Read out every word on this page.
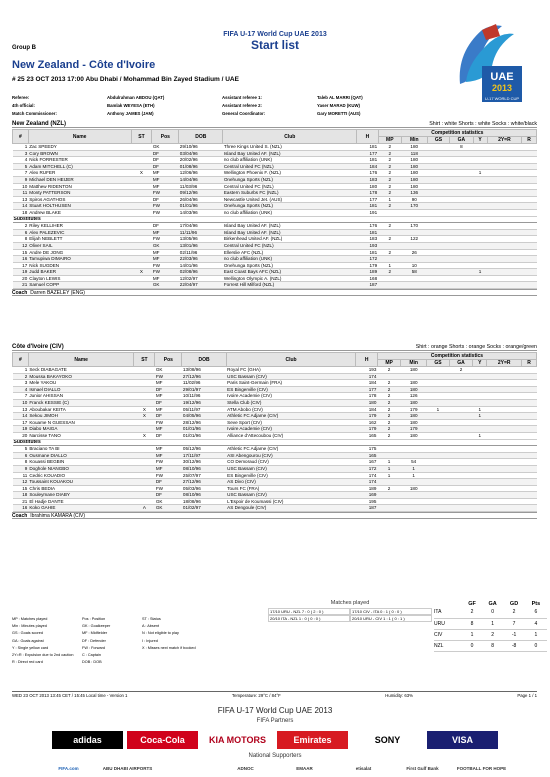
FIFA U-17 World Cup UAE 2013
Start list
Group B
New Zealand - Côte d'Ivoire
# 25 23 OCT 2013 17:00 Abu Dhabi / Mohammad Bin Zayed Stadium / UAE	UAE
2013
U-17 WORLD CUP
Referee:	Abdulrahman ABDOU (QAT)	Assistant referee 1:	Taleb AL MARRI (QAT)
4th official:	Bamlak WEYESA (ETH)	Assistant referee 2:	Yaser MARAD (KUW)
Match Commissioner:	Anthony JAMES (JAM)	General Coordinator:	Gary MORETTI (AUS)
New Zealand (NZL)	Shirt : white Shorts : white Socks : white/black
#	Name	ST	Pos	DOB	Club	H	Competition statistics						
							MP	Min	GS	GA	Y	2Y=R	R
1	Zac SPEEDY		GK	29/10/96	Three Kings United S. (NZL)	181	2	180		8			
3	Cory BROWN		DF	03/04/96	Island Bay United AF. (NZL)	177	2	118					
4	Nick FORRESTER		DF	20/02/96	no club affiliation (UNK)	181	2	180					
5	Adam MITCHELL (C)		DF	01/08/96	Central United FC (NZL)	184	2	180					
7	Alex RUFER	X	MF	12/06/96	Wellington Phoenix F. (NZL)	176	2	180			1		
9	Michael DEN HEIJER		MF	14/04/96	Onehunga Sports (NZL)	183	2	180					
10	Matthew RIDENTON		MF	11/03/96	Central United FC (NZL)	180	2	180					
11	Monty PATTERSON		FW	09/12/96	Eastern Suburbs FC (NZL)	178	2	136					
13	Spiros AGATHOS		DF	26/04/96	Newcastle United Jet. (AUS)	177	1	90					
14	Stuart HOLTHUSEN		FW	01/01/96	Onehunga Sports (NZL)	181	2	170					
18	Andrew BLAKE		FW	14/03/96	no club affiliation (UNK)	191							
Substitutes													
2	Riley KELLIHER		DF	17/04/96	Island Bay United AF. (NZL)	176	2	170					
6	Alex PALEZEVIC		MF	11/11/96	Island Bay United AF. (NZL)	181							
8	Elijah NEBLETT		FW	13/05/96	Birkenhead United AF. (NZL)	183	2	122					
12	Oliver SAIL		GK	13/01/96	Central United FC (NZL)	193							
15	Andre DE JONG		MF	02/11/96	Ellerslie AFC (NZL)	181	2	26					
16	Tamupiwa DIMAIRO		MF	22/03/96	no club affiliation (UNK)	172							
17	Nick SUGDEN		FW	14/01/96	Onehunga Sports (NZL)	179	1	10					
19	Judd BAKER	X	FW	02/08/96	East Coast Bays AFC (NZL)	189	2	58			1		
20	Clayton LEWIS		MF	12/02/97	Wellington Olympic A. (NZL)	168							
21	Samuel COPP		GK	22/04/97	Forrest Hill Milford (NZL)	187							
Coach Darren BAZELEY (ENG)
Côte d'Ivoire (CIV)	Shirt : orange Shorts : orange Socks : orange/green
#	Name	ST	Pos	DOB	Club	H	Competition statistics						
							MP	Min	GS	GA	Y	2Y=R	R
1	Seck DIABAGATE		GK	13/08/96	Royal FC (GHA)	193	2	180		2			
2	Moussa BAKAYOKO		FW	27/12/96	USC Bassam (CIV)	174							
3	Mele YAKOU		MF	11/02/96	Paris Saint-Germain (FRA)	184	2	180					
4	Ismael DIALLO		DF	29/01/97	ES Bingerville (CIV)	177	2	180					
7	Junior AHISSAN		MF	10/11/96	Ivoire Academie (CIV)	178	2	126					
10	Franck KESSIE (C)		DF	19/12/96	Stella Club (CIV)	180	2	180					
13	Aboubakar KEITA	X	MF	05/11/97	ATM Abobo (CIV)	184	2	179	1		1		
14	Sekou JIMOH	X	DF	04/05/96	Athletic FC Adjame (CIV)	179	2	180			1		
17	Kouame N GUESSAN		FW	28/12/96	Seve Sport (CIV)	162	2	180					
19	Diabo MAIGA		MF	01/01/96	Ivoire Academie (CIV)	179	2	179					
20	Narcisse TANO	X	DF	01/01/96	Alliance d'Attecoubou (CIV)	165	2	180			1		
Substitutes													
5	Braciano TA BI		MF	05/12/96	Athletic FC Adjame (CIV)	175							
6	Ousmane DIALLO		MF	17/11/97	ASI Abengourou (CIV)	165							
8	Kouassi BEGBIN		FW	30/12/96	CO Demoraud (CIV)	167	1	54					
9	Doghole NIANGBO		MF	08/10/96	USC Bassam (CIV)	172	1	1					
11	Cedric KOUADIO		FW	25/07/97	ES Bingerville (CIV)	174	1	1					
12	Toussaint KOUAKOU		DF	27/12/96	AS Divo (CIV)	174							
15	Chris BEDIA		FW	05/03/96	Tours FC (FRA)	189	2	180					
18	Souleymane DIABY		DF	08/10/96	USC Bassam (CIV)	169							
21	El Hadje DANTE		GK	18/08/96	L'Espoir de Koumassi (CIV)	195							
16	Koko GAHIE	A	GK	01/02/97	AS Dengoule (CIV)	187							
Coach Ibrahima KAMARA (CIV)
MP : Matches played	Pos : Position	ST : Status
Min : Minutes played	GK : Goalkeeper	A : Absent
GS : Goals scored	MF : Midfielder	N : Not eligible to play
GA : Goals against	DF : Defender	I : Injured
Y : Single yellow card	FW : Forward	X : Misses next match if booked
2Y=R : Expulsion due to 2nd caution	C : Captain
R : Direct red card	DOB : DOB
Matches played
17/10 URU - NZL 7 : 0 ( 2 : 0 )	17/10 CIV - ITA 0 : 1 ( 0 : 0 )
20/10 ITA - NZL 1 : 0 ( 0 : 0 )	20/10 URU - CIV 1 : 1 ( 0 : 1 )
	GF	GA	GD	Pts
ITA	2	0	2	6
URU	8	1	7	4
CIV	1	2	-1	1
NZL	0	8	-8	0
WED 23 OCT 2013 13:45 CET / 15:45 Local time - Version 1	Temperature: 29°C / 84°F	Humidity: 63%	Page 1 / 1
FIFA U-17 World Cup UAE 2013
FIFA Partners
adidas	Coca-Cola	KIA MOTORS	Emirates	SONY	VISA
National Supporters
FIFA.com	ABU DHABI AIRPORTS	ADNOC	EMAAR	etisalat	First Gulf Bank	FOOTBALL FOR HOPE
